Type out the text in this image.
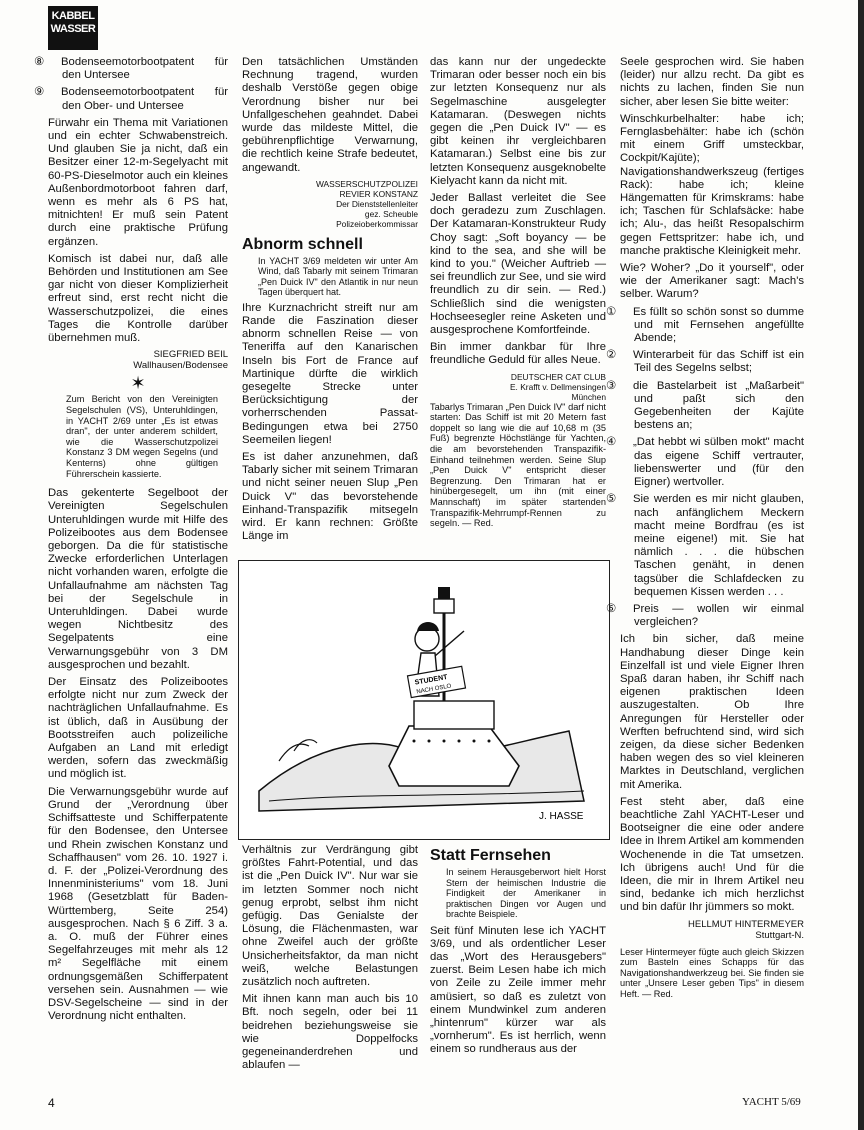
KABBEL
WASSER

⑧ Bodenseemotorbootpatent für den Untersee

⑨ Bodenseemotorbootpatent für den Ober- und Untersee

Fürwahr ein Thema mit Variationen und ein echter Schwabenstreich. Und glauben Sie ja nicht, daß ein Besitzer einer 12-m-Segelyacht mit 60-PS-Dieselmotor auch ein kleines Außenbordmotorboot fahren darf, wenn es mehr als 6 PS hat, mitnichten! Er muß sein Patent durch eine praktische Prüfung ergänzen.

Komisch ist dabei nur, daß alle Behörden und Institutionen am See gar nicht von dieser Komplizierheit erfreut sind, erst recht nicht die Wasserschutzpolizei, die eines Tages die Kontrolle darüber übernehmen muß.

SIEGFRIED BEIL
Wallhausen/Bodensee
✶

Zum Bericht von den Vereinigten Segelschulen (VS), Unteruhldingen, in YACHT 2/69 unter „Es ist etwas dran", der unter anderem schildert, wie die Wasserschutzpolizei Konstanz 3 DM wegen Segelns (und Kenterns) ohne gültigen Führerschein kassierte.

Das gekenterte Segelboot der Vereinigten Segelschulen Unteruhldingen wurde mit Hilfe des Polizeibootes aus dem Bodensee geborgen. Da die für statistische Zwecke erforderlichen Unterlagen nicht vorhanden waren, erfolgte die Unfallaufnahme am nächsten Tag bei der Segelschule in Unteruhldingen. Dabei wurde wegen Nichtbesitz des Segelpatents eine Verwarnungsgebühr von 3 DM ausgesprochen und bezahlt.

Der Einsatz des Polizeibootes erfolgte nicht nur zum Zweck der nachträglichen Unfallaufnahme. Es ist üblich, daß in Ausübung der Bootsstreifen auch polizeiliche Aufgaben an Land mit erledigt werden, sofern das zweckmäßig und möglich ist.

Die Verwarnungsgebühr wurde auf Grund der „Verordnung über Schiffsatteste und Schifferpatente für den Bodensee, den Untersee und Rhein zwischen Konstanz und Schaffhausen" vom 26. 10. 1927 i. d. F. der „Polizei-Verordnung des Innenministeriums" vom 18. Juni 1968 (Gesetzblatt für Baden-Württemberg, Seite 254) ausgesprochen. Nach § 6 Ziff. 3 a. a. O. muß der Führer eines Segelfahrzeuges mit mehr als 12 m² Segelfläche mit einem ordnungsgemäßen Schifferpatent versehen sein. Ausnahmen — wie DSV-Segelscheine — sind in der Verordnung nicht enthalten.

Den tatsächlichen Umständen Rechnung tragend, wurden deshalb Verstöße gegen obige Verordnung bisher nur bei Unfallgeschehen geahndet. Dabei wurde das mildeste Mittel, die gebührenpflichtige Verwarnung, die rechtlich keine Strafe bedeutet, angewandt.

WASSERSCHUTZPOLIZEI
REVIER KONSTANZ
Der Dienststellenleiter
gez. Scheuble
Polizeioberkommissar
Abnorm schnell

In YACHT 3/69 meldeten wir unter Am Wind, daß Tabarly mit seinem Trimaran „Pen Duick IV" den Atlantik in nur neun Tagen überquert hat.

Ihre Kurznachricht streift nur am Rande die Faszination dieser abnorm schnellen Reise — von Teneriffa auf den Kanarischen Inseln bis Fort de France auf Martinique dürfte die wirklich gesegelte Strecke unter Berücksichtigung der vorherrschenden Passat-Bedingungen etwa bei 2750 Seemeilen liegen!

Es ist daher anzunehmen, daß Tabarly sicher mit seinem Trimaran und nicht seiner neuen Slup „Pen Duick V" das bevorstehende Einhand-Transpazifik mitsegeln wird. Er kann rechnen: Größte Länge im

das kann nur der ungedeckte Trimaran oder besser noch ein bis zur letzten Konsequenz nur als Segelmaschine ausgelegter Katamaran. (Deswegen nichts gegen die „Pen Duick IV" — es gibt keinen ihr vergleichbaren Katamaran.) Selbst eine bis zur letzten Konsequenz ausgeknobelte Kielyacht kann da nicht mit.

Jeder Ballast verleitet die See doch geradezu zum Zuschlagen. Der Katamaran-Konstrukteur Rudy Choy sagt: „Soft boyancy — be kind to the sea, and she will be kind to you." (Weicher Auftrieb — sei freundlich zur See, und sie wird freundlich zu dir sein. — Red.) Schließlich sind die wenigsten Hochseesegler reine Asketen und ausgesprochene Komfortfeinde.

Bin immer dankbar für Ihre freundliche Geduld für alles Neue.

DEUTSCHER CAT CLUB
E. Krafft v. Dellmensingen
München

Tabarlys Trimaran „Pen Duick IV" darf nicht starten: Das Schiff ist mit 20 Metern fast doppelt so lang wie die auf 10,68 m (35 Fuß) begrenzte Höchstlänge für Yachten, die am bevorstehenden Transpazifik-Einhand teilnehmen werden. Seine Slup „Pen Duick V" entspricht dieser Begrenzung. Den Trimaran hat er hinübergesegelt, um ihn (mit einer Mannschaft) im später startenden Transpazifik-Mehrrumpf-Rennen zu segeln. — Red.

STUDENT
NACH OSLO
J. HASSE

Verhältnis zur Verdrängung gibt größtes Fahrt-Potential, und das ist die „Pen Duick IV". Nur war sie im letzten Sommer noch nicht genug erprobt, selbst ihm nicht gefügig. Das Genialste der Lösung, die Flächenmasten, war ohne Zweifel auch der größte Unsicherheitsfaktor, da man nicht weiß, welche Belastungen zusätzlich noch auftreten.

Mit ihnen kann man auch bis 10 Bft. noch segeln, oder bei 11 beidrehen beziehungsweise sie wie Doppelfocks gegeneinanderdrehen und ablaufen —

Statt Fernsehen

In seinem Herausgeberwort hielt Horst Stern der heimischen Industrie die Findigkeit der Amerikaner in praktischen Dingen vor Augen und brachte Beispiele.

Seit fünf Minuten lese ich YACHT 3/69, und als ordentlicher Leser das „Wort des Herausgebers" zuerst. Beim Lesen habe ich mich von Zeile zu Zeile immer mehr amüsiert, so daß es zuletzt von einem Mundwinkel zum anderen „hintenrum" kürzer war als „vornherum". Es ist herrlich, wenn einem so rundheraus aus der

Seele gesprochen wird. Sie haben (leider) nur allzu recht. Da gibt es nichts zu lachen, finden Sie nun sicher, aber lesen Sie bitte weiter:

Winschkurbelhalter: habe ich; Fernglasbehälter: habe ich (schön mit einem Griff umsteckbar, Cockpit/Kajüte); Navigationshandwerkszeug (fertiges Rack): habe ich; kleine Hängematten für Krimskrams: habe ich; Taschen für Schlafsäcke: habe ich; Alu-, das heißt Resopalschirm gegen Fettspritzer: habe ich, und manche praktische Kleinigkeit mehr.

Wie? Woher? „Do it yourself", oder wie der Amerikaner sagt: Mach's selber. Warum?

① Es füllt so schön sonst so dumme und mit Fernsehen angefüllte Abende;

② Winterarbeit für das Schiff ist ein Teil des Segelns selbst;

③ die Bastelarbeit ist „Maßarbeit" und paßt sich den Gegebenheiten der Kajüte bestens an;

④ „Dat hebbt wi sülben mokt" macht das eigene Schiff vertrauter, liebenswerter und (für den Eigner) wertvoller.

⑤ Sie werden es mir nicht glauben, nach anfänglichem Meckern macht meine Bordfrau (es ist meine eigene!) mit. Sie hat nämlich . . . die hübschen Taschen genäht, in denen tagsüber die Schlafdecken zu bequemen Kissen werden . . .

⑥ Preis — wollen wir einmal vergleichen?

Ich bin sicher, daß meine Handhabung dieser Dinge kein Einzelfall ist und viele Eigner Ihren Spaß daran haben, ihr Schiff nach eigenen praktischen Ideen auszugestalten. Ob Ihre Anregungen für Hersteller oder Werften befruchtend sind, wird sich zeigen, da diese sicher Bedenken haben wegen des so viel kleineren Marktes in Deutschland, verglichen mit Amerika.

Fest steht aber, daß eine beachtliche Zahl YACHT-Leser und Bootseigner die eine oder andere Idee in Ihrem Artikel am kommenden Wochenende in die Tat umsetzen. Ich übrigens auch! Und für die Ideen, die mir in Ihrem Artikel neu sind, bedanke ich mich herzlichst und bin dafür Ihr jümmers so mokt.

HELLMUT HINTERMEYER
Stuttgart-N.

Leser Hintermeyer fügte auch gleich Skizzen zum Basteln eines Schapps für das Navigationshandwerkzeug bei. Sie finden sie unter „Unsere Leser geben Tips" in diesem Heft. — Red.

4	YACHT 5/69
